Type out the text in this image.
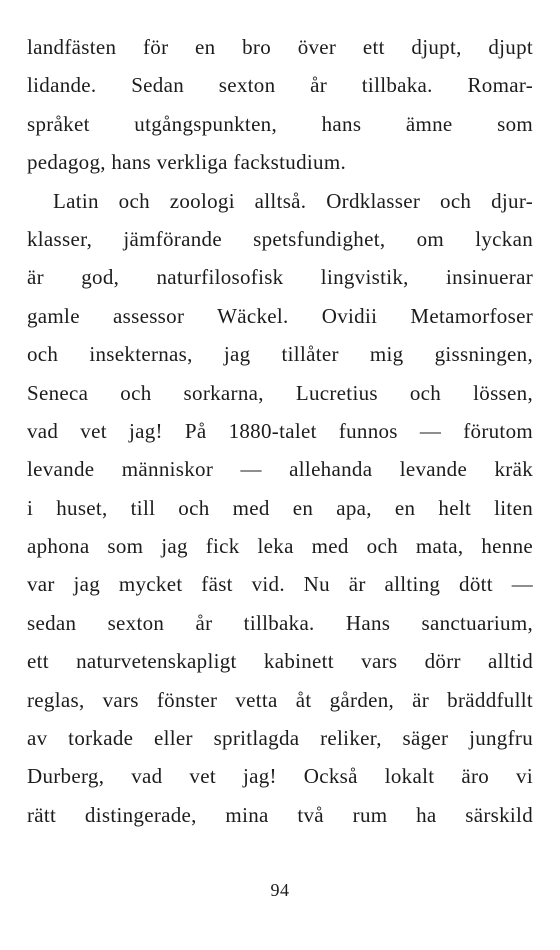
landfästen för en bro över ett djupt, djupt
lidande. Sedan sexton år tillbaka. Romar-
språket utgångspunkten, hans ämne som
pedagog, hans verkliga fackstudium.
Latin och zoologi alltså. Ordklasser och djur-
klasser, jämförande spetsfundighet, om lyckan
är god, naturfilosofisk lingvistik, insinuerar
gamle assessor Wäckel. Ovidii Metamorfoser
och insekternas, jag tillåter mig gissningen,
Seneca och sorkarna, Lucretius och lössen,
vad vet jag! På 1880-talet funnos — förutom
levande människor — allehanda levande kräk
i huset, till och med en apa, en helt liten
aphona som jag fick leka med och mata, henne
var jag mycket fäst vid. Nu är allting dött —
sedan sexton år tillbaka. Hans sanctuarium,
ett naturvetenskapligt kabinett vars dörr alltid
reglas, vars fönster vetta åt gården, är bräddfullt
av torkade eller spritlagda reliker, säger jungfru
Durberg, vad vet jag! Också lokalt äro vi
rätt distingerade, mina två rum ha särskild
94
